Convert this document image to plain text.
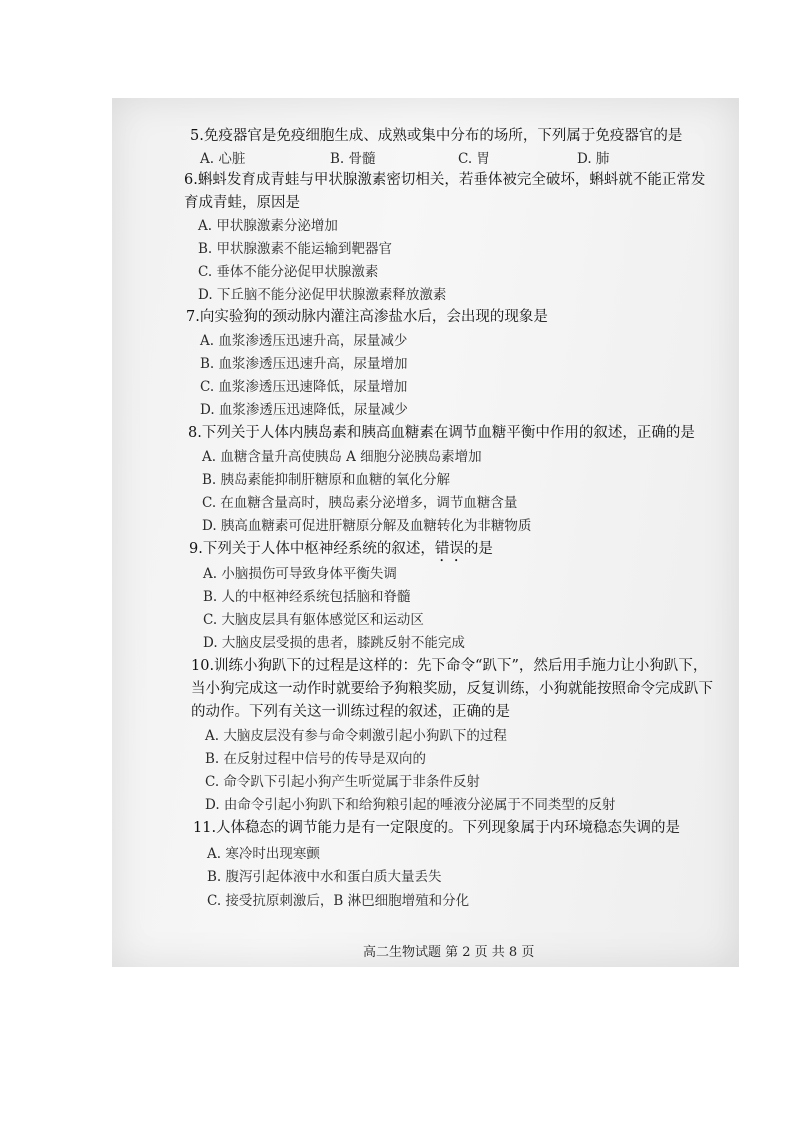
5.免疫器官是免疫细胞生成、成熟或集中分布的场所，下列属于免疫器官的是
A. 心脏	B. 骨髓	C. 胃	D. 肺
6.蝌蚪发育成青蛙与甲状腺激素密切相关，若垂体被完全破坏，蝌蚪就不能正常发
育成青蛙，原因是
A. 甲状腺激素分泌增加
B. 甲状腺激素不能运输到靶器官
C. 垂体不能分泌促甲状腺激素
D. 下丘脑不能分泌促甲状腺激素释放激素
7.向实验狗的颈动脉内灌注高渗盐水后，会出现的现象是
A. 血浆渗透压迅速升高，尿量减少
B. 血浆渗透压迅速升高，尿量增加
C. 血浆渗透压迅速降低，尿量增加
D. 血浆渗透压迅速降低，尿量减少
8.下列关于人体内胰岛素和胰高血糖素在调节血糖平衡中作用的叙述，正确的是
A. 血糖含量升高使胰岛 A 细胞分泌胰岛素增加
B. 胰岛素能抑制肝糖原和血糖的氧化分解
C. 在血糖含量高时，胰岛素分泌增多，调节血糖含量
D. 胰高血糖素可促进肝糖原分解及血糖转化为非糖物质
9.下列关于人体中枢神经系统的叙述，错误的是
A. 小脑损伤可导致身体平衡失调
B. 人的中枢神经系统包括脑和脊髓
C. 大脑皮层具有躯体感觉区和运动区
D. 大脑皮层受损的患者，膝跳反射不能完成
10.训练小狗趴下的过程是这样的：先下命令“趴下”，然后用手施力让小狗趴下，
当小狗完成这一动作时就要给予狗粮奖励，反复训练，小狗就能按照命令完成趴下
的动作。下列有关这一训练过程的叙述，正确的是
A. 大脑皮层没有参与命令刺激引起小狗趴下的过程
B. 在反射过程中信号的传导是双向的
C. 命令趴下引起小狗产生听觉属于非条件反射
D. 由命令引起小狗趴下和给狗粮引起的唾液分泌属于不同类型的反射
11.人体稳态的调节能力是有一定限度的。下列现象属于内环境稳态失调的是
A. 寒冷时出现寒颤
B. 腹泻引起体液中水和蛋白质大量丢失
C. 接受抗原刺激后，B 淋巴细胞增殖和分化
高二生物试题 第 2 页 共 8 页
